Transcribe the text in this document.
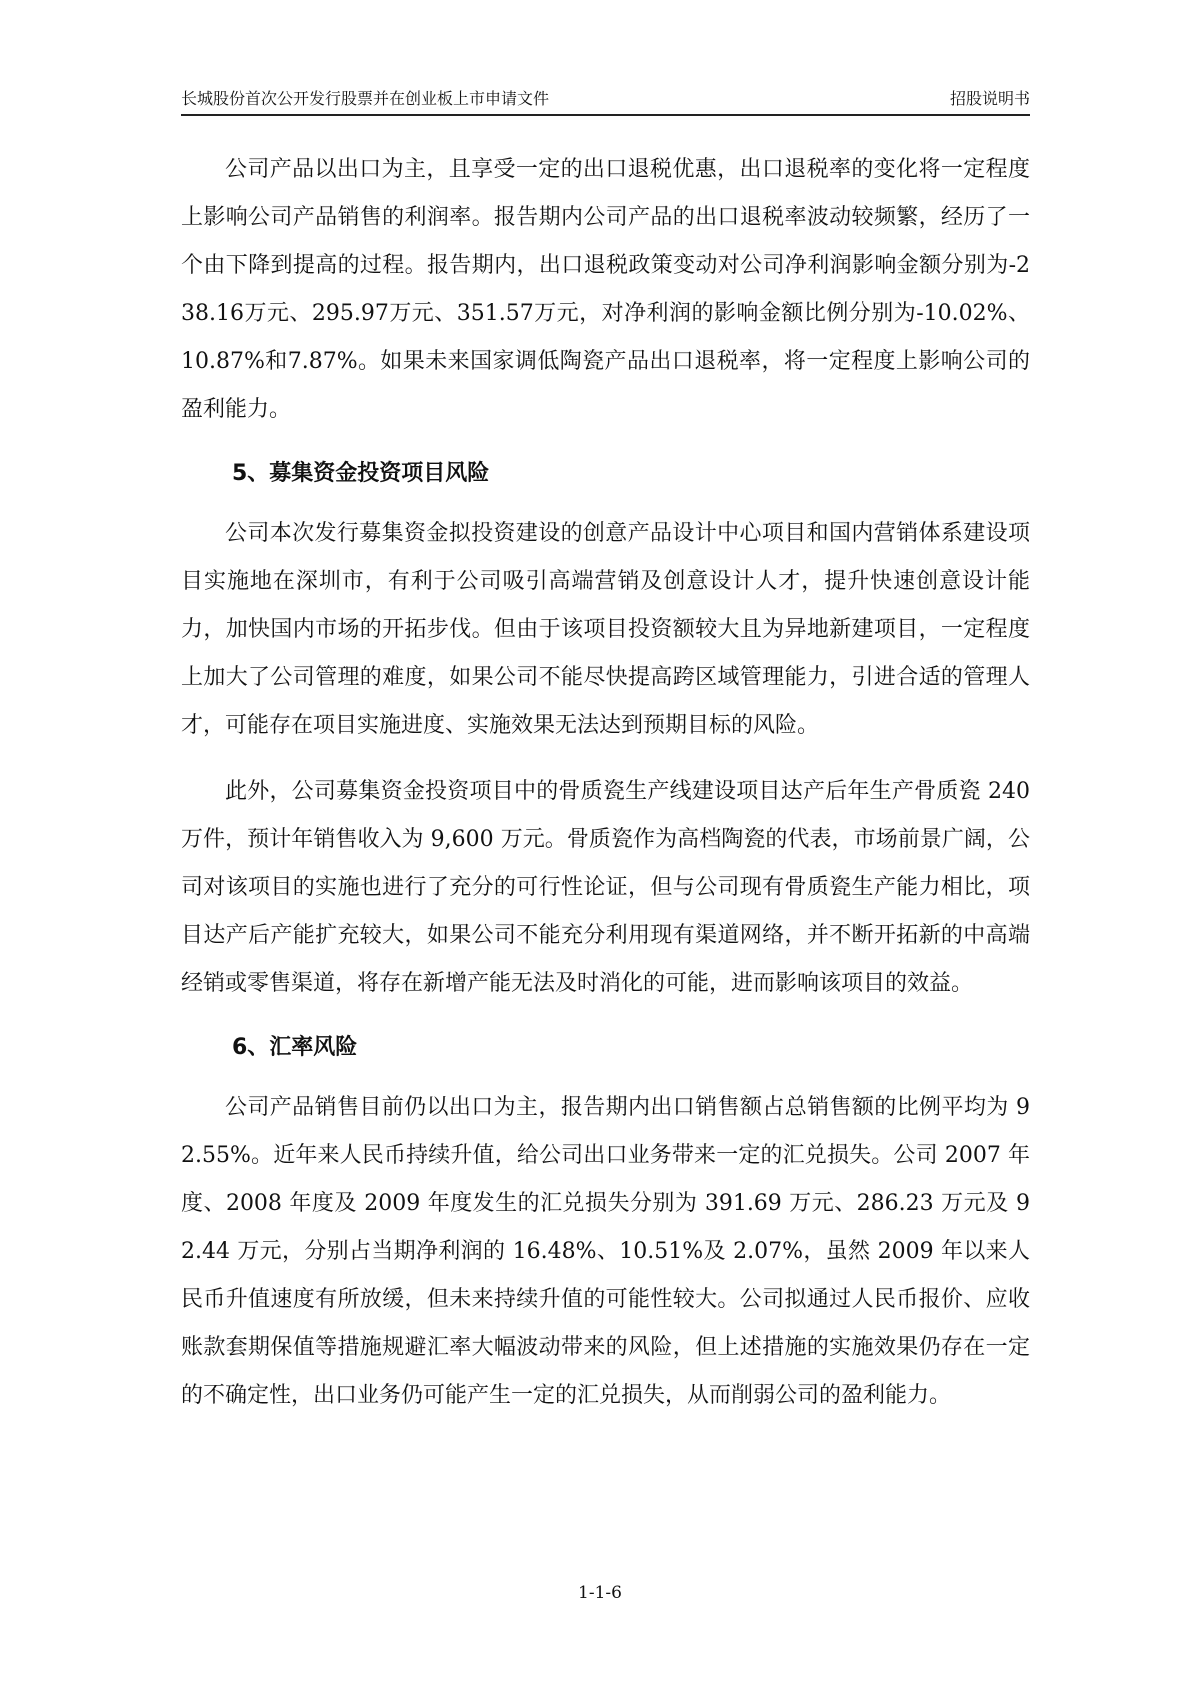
长城股份首次公开发行股票并在创业板上市申请文件	招股说明书

公司产品以出口为主，且享受一定的出口退税优惠，出口退税率的变化将一定程度上影响公司产品销售的利润率。报告期内公司产品的出口退税率波动较频繁，经历了一个由下降到提高的过程。报告期内，出口退税政策变动对公司净利润影响金额分别为-238.16万元、295.97万元、351.57万元，对净利润的影响金额比例分别为-10.02%、10.87%和7.87%。如果未来国家调低陶瓷产品出口退税率，将一定程度上影响公司的盈利能力。

5、募集资金投资项目风险

公司本次发行募集资金拟投资建设的创意产品设计中心项目和国内营销体系建设项目实施地在深圳市，有利于公司吸引高端营销及创意设计人才，提升快速创意设计能力，加快国内市场的开拓步伐。但由于该项目投资额较大且为异地新建项目，一定程度上加大了公司管理的难度，如果公司不能尽快提高跨区域管理能力，引进合适的管理人才，可能存在项目实施进度、实施效果无法达到预期目标的风险。

此外，公司募集资金投资项目中的骨质瓷生产线建设项目达产后年生产骨质瓷 240 万件，预计年销售收入为 9,600 万元。骨质瓷作为高档陶瓷的代表，市场前景广阔，公司对该项目的实施也进行了充分的可行性论证，但与公司现有骨质瓷生产能力相比，项目达产后产能扩充较大，如果公司不能充分利用现有渠道网络，并不断开拓新的中高端经销或零售渠道，将存在新增产能无法及时消化的可能，进而影响该项目的效益。

6、汇率风险

公司产品销售目前仍以出口为主，报告期内出口销售额占总销售额的比例平均为 92.55%。近年来人民币持续升值，给公司出口业务带来一定的汇兑损失。公司 2007 年度、2008 年度及 2009 年度发生的汇兑损失分别为 391.69 万元、286.23 万元及 92.44 万元，分别占当期净利润的 16.48%、10.51%及 2.07%，虽然 2009 年以来人民币升值速度有所放缓，但未来持续升值的可能性较大。公司拟通过人民币报价、应收账款套期保值等措施规避汇率大幅波动带来的风险，但上述措施的实施效果仍存在一定的不确定性，出口业务仍可能产生一定的汇兑损失，从而削弱公司的盈利能力。

1-1-6
